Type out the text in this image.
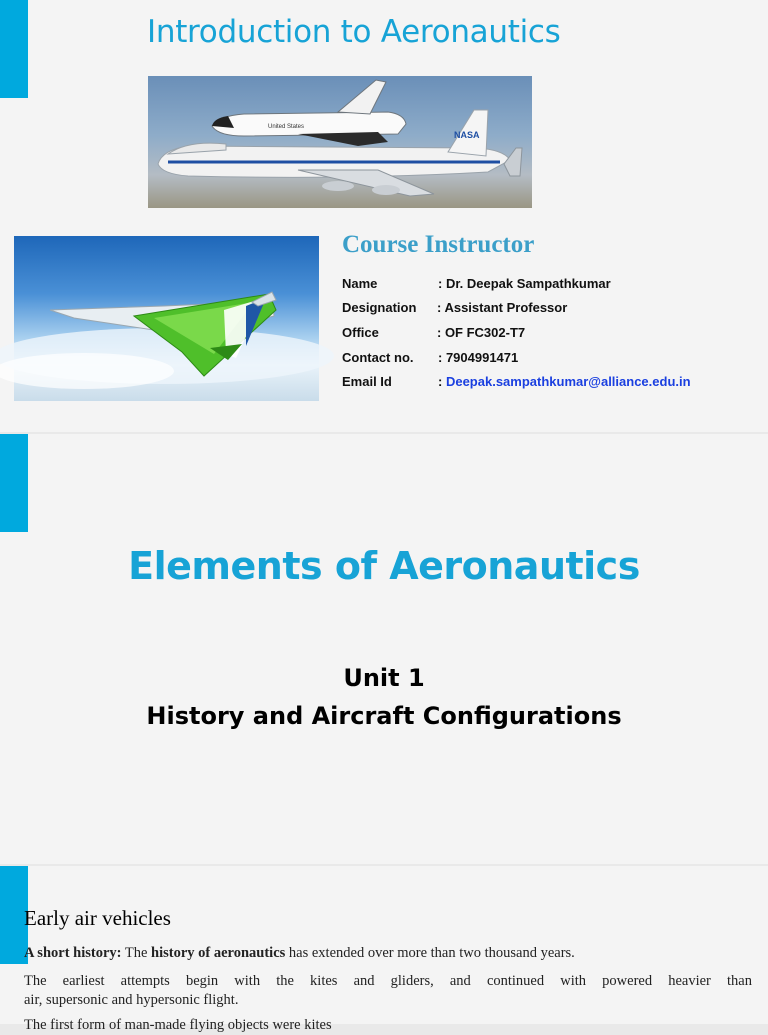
Introduction to Aeronautics
NASA
United States
Course Instructor
Name	: Dr. Deepak Sampathkumar
Designation : Assistant Professor
Office	: OF FC302-T7
Contact no. : 7904991471
Email Id	: Deepak.sampathkumar@alliance.edu.in
Elements of Aeronautics
Unit 1
History and Aircraft Configurations
Early air vehicles
A short history: The history of aeronautics has extended over more than two thousand years.
The earliest attempts begin with the kites and gliders, and continued with powered heavier than
air, supersonic and hypersonic flight.
The first form of man-made flying objects were kites
